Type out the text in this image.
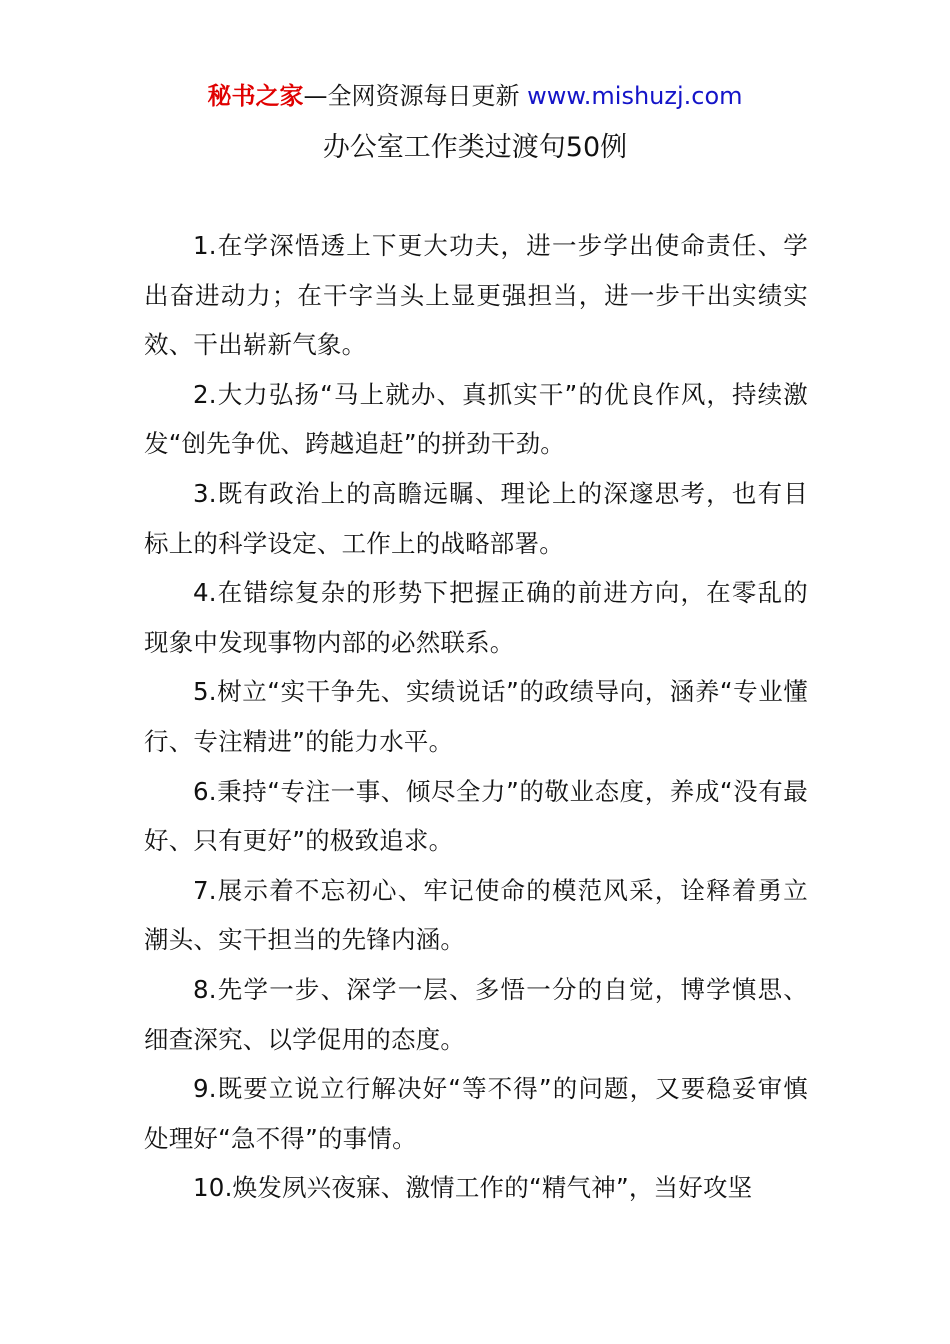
秘书之家—全网资源每日更新 www.mishuzj.com
办公室工作类过渡句50例

1.在学深悟透上下更大功夫，进一步学出使命责任、学出奋进动力；在干字当头上显更强担当，进一步干出实绩实效、干出崭新气象。

2.大力弘扬“马上就办、真抓实干”的优良作风，持续激发“创先争优、跨越追赶”的拼劲干劲。

3.既有政治上的高瞻远瞩、理论上的深邃思考，也有目标上的科学设定、工作上的战略部署。

4.在错综复杂的形势下把握正确的前进方向，在零乱的现象中发现事物内部的必然联系。

5.树立“实干争先、实绩说话”的政绩导向，涵养“专业懂行、专注精进”的能力水平。

6.秉持“专注一事、倾尽全力”的敬业态度，养成“没有最好、只有更好”的极致追求。

7.展示着不忘初心、牢记使命的模范风采，诠释着勇立潮头、实干担当的先锋内涵。

8.先学一步、深学一层、多悟一分的自觉，博学慎思、细查深究、以学促用的态度。

9.既要立说立行解决好“等不得”的问题，又要稳妥审慎处理好“急不得”的事情。

10.焕发夙兴夜寐、激情工作的“精气神”，当好攻坚
